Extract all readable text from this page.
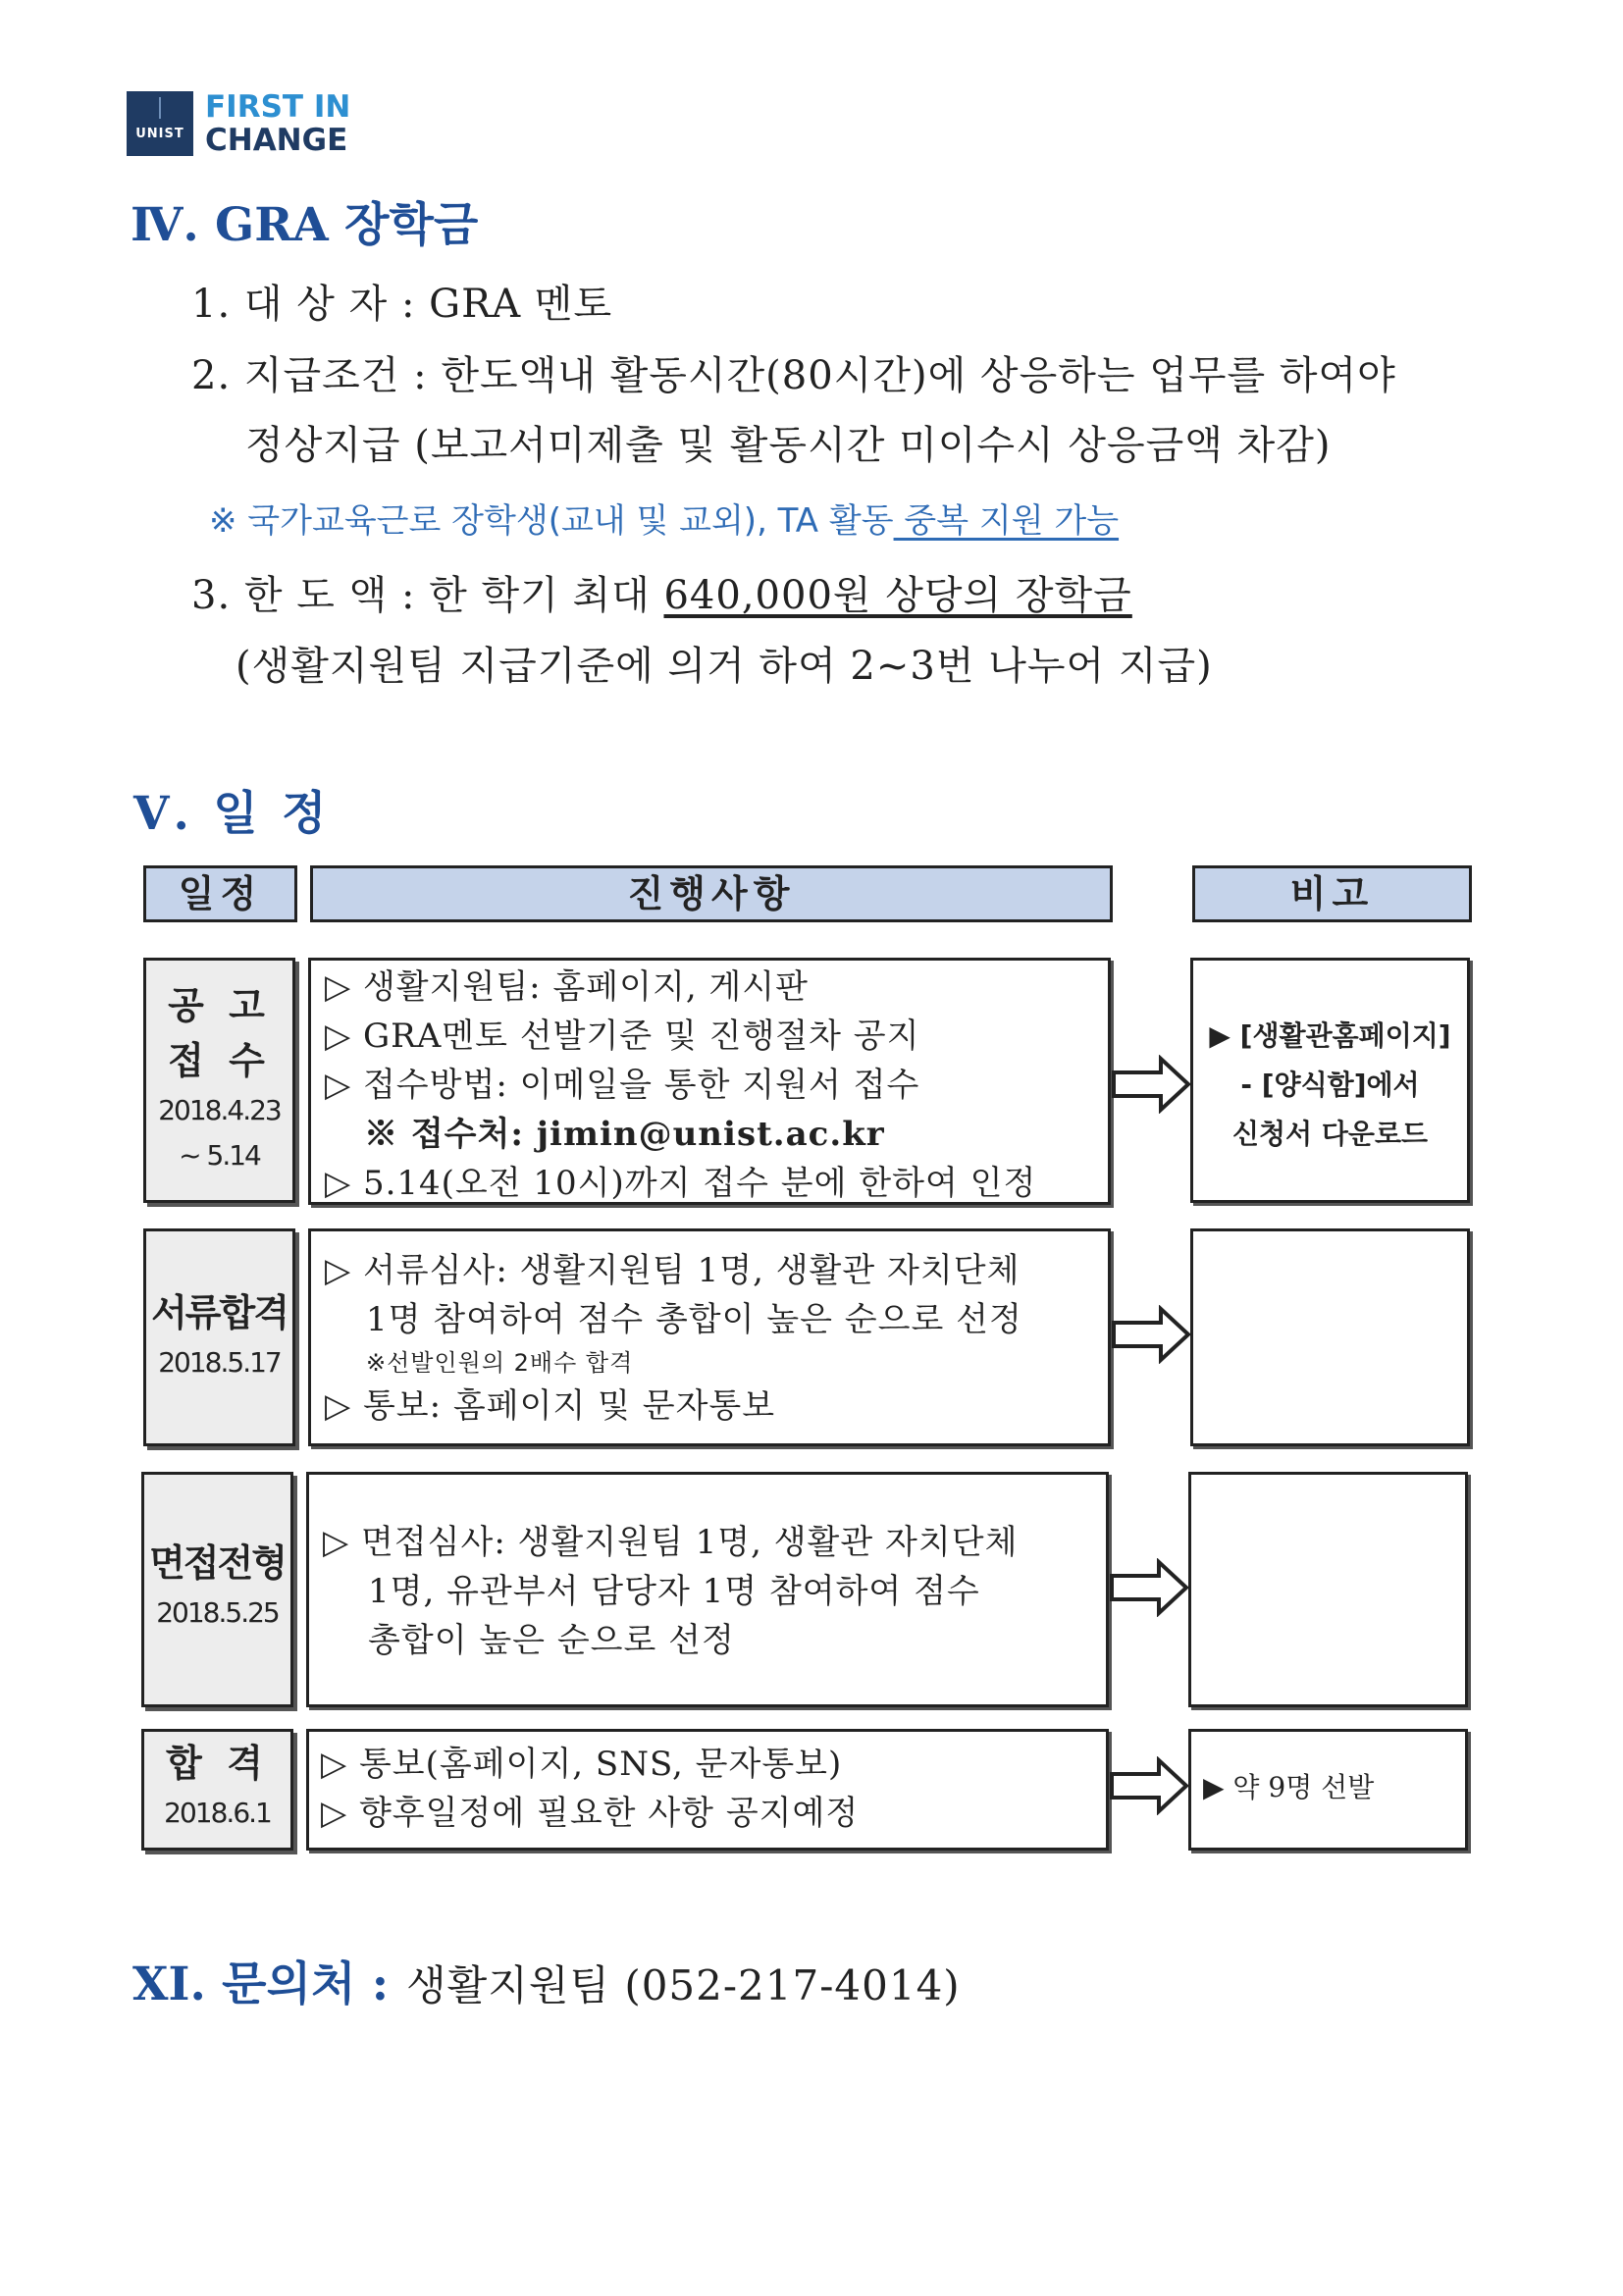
UNIST
FIRST IN
CHANGE
Ⅳ. GRA 장학금
1. 대 상 자 : GRA 멘토
2. 지급조건 : 한도액내 활동시간(80시간)에 상응하는 업무를 하여야
정상지급 (보고서미제출 및 활동시간 미이수시 상응금액 차감)
※ 국가교육근로 장학생(교내 및 교외), TA 활동 중복 지원 가능
3. 한 도 액 : 한 학기 최대 640,000원 상당의 장학금
(생활지원팀 지급기준에 의거 하여 2~3번 나누어 지급)
Ⅴ. 일 정
일정	진행사항	비고
공 고
접 수
2018.4.23
~ 5.14
▷ 생활지원팀: 홈페이지, 게시판
▷ GRA멘토 선발기준 및 진행절차 공지
▷ 접수방법: 이메일을 통한 지원서 접수
※ 접수처: jimin@unist.ac.kr
▷ 5.14(오전 10시)까지 접수 분에 한하여 인정
▶ [생활관홈페이지]
- [양식함]에서
신청서 다운로드
서류합격
2018.5.17
▷ 서류심사: 생활지원팀 1명, 생활관 자치단체
1명 참여하여 점수 총합이 높은 순으로 선정
※선발인원의 2배수 합격
▷ 통보: 홈페이지 및 문자통보
면접전형
2018.5.25
▷ 면접심사: 생활지원팀 1명, 생활관 자치단체
1명, 유관부서 담당자 1명 참여하여 점수
총합이 높은 순으로 선정
합 격
2018.6.1
▷ 통보(홈페이지, SNS, 문자통보)
▷ 향후일정에 필요한 사항 공지예정
▶ 약 9명 선발
XI. 문의처 : 생활지원팀 (052-217-4014)
